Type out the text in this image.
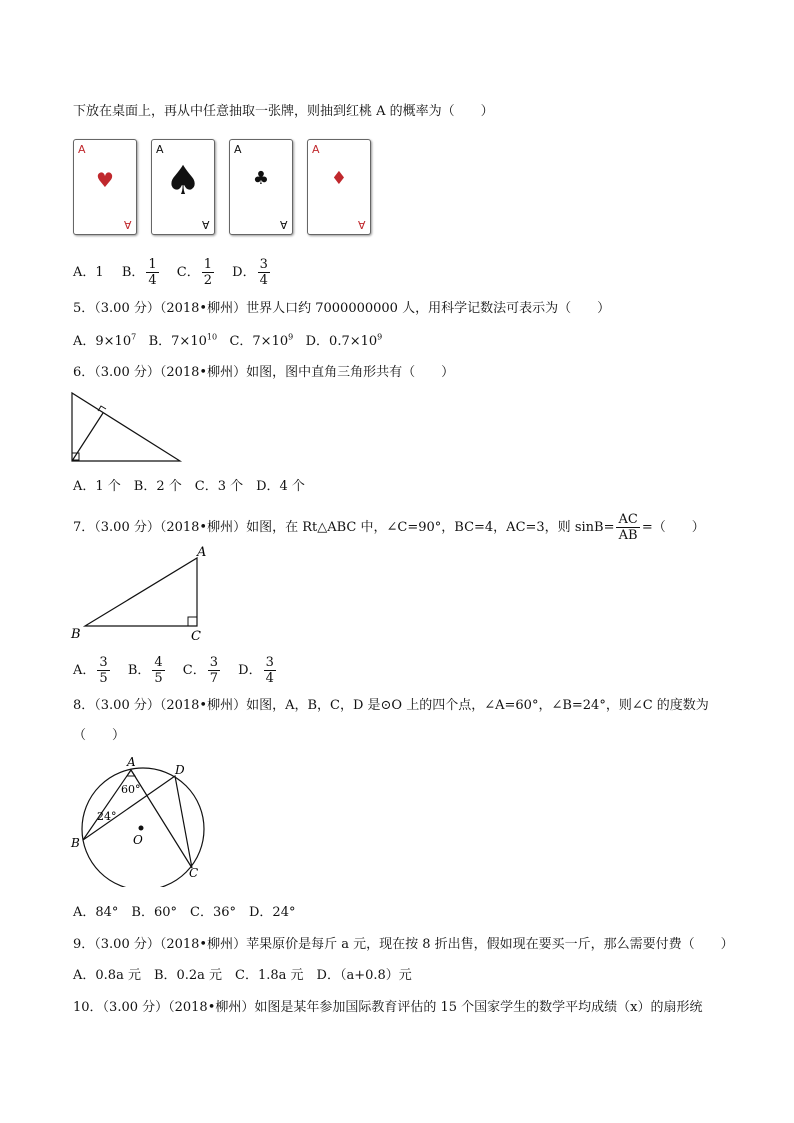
下放在桌面上，再从中任意抽取一张牌，则抽到红桃 A 的概率为（　　）
A
♥
A
A
♠
A
A
♣
A
A
♦
A
A．1 B． $\frac{1}{4}$ C． $\frac{1}{2}$ D． $\frac{3}{4}$
5．（3.00 分）（2018•柳州）世界人口约 7000000000 人，用科学记数法可表示为（　　）
A．$9\times 10^7$ B．$7\times 10^{10}$ C．$7\times 10^9$ D．$0.7\times 10^9$
6．（3.00 分）（2018•柳州）如图，图中直角三角形共有（　　）
A．1 个　B．2 个　C．3 个　D．4 个
7．（3.00 分）（2018•柳州）如图，在 Rt△ABC 中，∠C=90°，BC=4，AC=3，则 $\sin B= \frac{AC}{AB}$ =（　　）
A
B	C
A． $\frac{3}{5}$ B． $\frac{4}{5}$ C． $\frac{3}{7}$ D． $\frac{3}{4}$
8．（3.00 分）（2018•柳州）如图，A，B，C，D 是⊙O 上的四个点，∠A=60°，∠B=24°，则∠C 的度数为
（　　）
A
D
B
C
O
60°
24°
A．84°　B．60°　C．36°　D．24°
9．（3.00 分）（2018•柳州）苹果原价是每斤 a 元，现在按 8 折出售，假如现在要买一斤，那么需要付费（　　）
A．0.8a 元　B．0.2a 元　C．1.8a 元　D．（a+0.8）元
10．（3.00 分）（2018•柳州）如图是某年参加国际教育评估的 15 个国家学生的数学平均成绩（x）的扇形统
